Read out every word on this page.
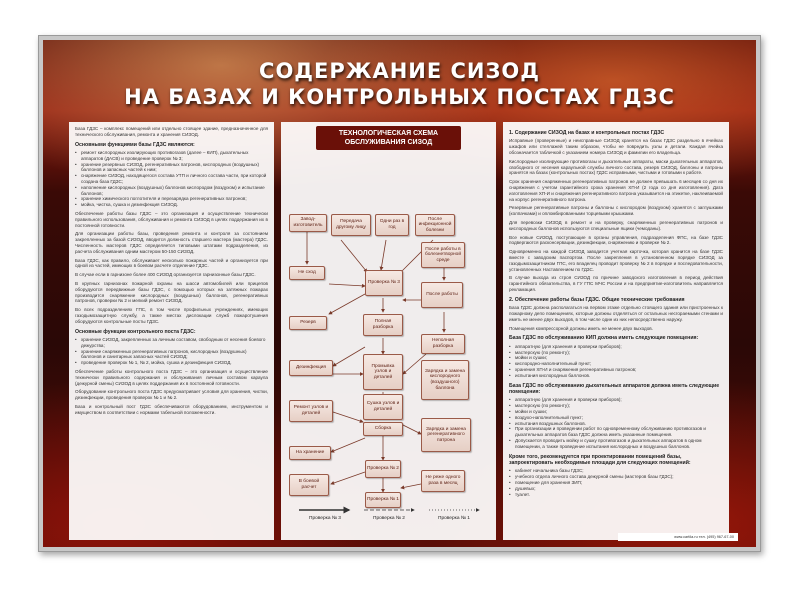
СОДЕРЖАНИЕ СИЗОД
НА БАЗАХ И КОНТРОЛЬНЫХ ПОСТАХ ГДЗС

База ГДЗС – комплекс помещений или отдельно стоящее здание, предназначенное для технического обслуживания, ремонта и хранения СИЗОД.

Основными функциями базы ГДЗС являются:
• ремонт кислородных изолирующих противогазов (далее – КИП), дыхательных аппаратов (ДАСВ) и проведение проверок № 3;
• хранение резервных СИЗОД, регенеративных патронов, кислородных (воздушных) баллонов и запасных частей к ним;
• снаряжение СИЗОД, находящегося состава УТП и личного состава части, при которой создана база ГДЗС;
• наполнение кислородных (воздушных) баллонов кислородом (воздухом) и испытание баллонов;
• хранение химического поглотителя и перезарядка регенеративных патронов;
• мойка, чистка, сушка и дезинфекция СИЗОД.

Обеспечение работы базы ГДЗС – это организация и осуществление технически правильного использования, обслуживания и ремонта СИЗОД в целях поддержания их в постоянной готовности.

Для организации работы базы, проведения ремонта и контроля за состоянием закрепленных за базой СИЗОД, вводится должность старшего мастера (мастера) ГДЗС. Численность мастеров ГДЗС определяется типовыми штатами подразделения, из расчета обслуживания одним мастером 50-150 СИЗОД.

База ГДЗС, как правило, обслуживает несколько пожарных частей и организуется при одной из частей, имеющих в боевом расчете отделение ГДЗС.

В случае если в гарнизоне более 400 СИЗОД организуется гарнизонные базы ГДЗС.

В крупных гарнизонах пожарной охраны на шасси автомобилей или прицепов оборудуются передвижные базы ГДЗС, с помощью которых на затяжных пожарах производится снаряжение кислородных (воздушных) баллонов, регенеративных патронов, проверки № 2 и мелкий ремонт СИЗОД.

Во всех подразделениях ГПС, в том числе профильных учреждениях, имеющих газодымозащитную службу, а также местах дислокации служб пожаротушения оборудуются контрольные посты ГДЗС.

Основные функции контрольного поста ГДЗС:
• хранение СИЗОД, закрепленных за личным составом, свободным от несения боевого дежурства;
• хранение снаряженных регенеративных патронов, кислородных (воздушных) баллонов и санитарных запасных частей СИЗОД;
• проведение проверок № 1, № 2, мойка, сушка и дезинфекция СИЗОД.

Обеспечение работы контрольного поста ГДЗС – это организация и осуществление технически правильного содержания и обслуживания личным составом караула (дежурной смены) СИЗОД в целях поддержания их в постоянной готовности.

Оборудование контрольного поста ГДЗС предусматривает условия для хранения, чистки, дезинфекции, проведения проверок № 1 и № 2.

База и контрольный пост ГДЗС обеспечиваются оборудованием, инструментом и имуществом в соответствии с нормами табельной положенности.

ТЕХНОЛОГИЧЕСКАЯ СХЕМА
ОБСЛУЖИВАНИЯ СИЗОД
Завод-изготовитель
Передача другому лицу
Одни раз в год
После инфекционной болезни
Не сход
Проверка № 3
После работы в болезнетворной среде
Резерв	Полная разборка
После работы
Неполная разборка
Дезинфекция	Промывка узлов и деталей
Зарядка и замена кислородного (воздушного) баллона
Ремонт узлов и деталей
Сушка узлов и деталей
Сборка	Зарядка и замена регенеративного патрона
На хранение
Проверка № 2
В боевой расчет
Проверка № 1
Не реже одного раза в месяц
Проверка № 3	Проверка № 2	Проверка № 1
1. Содержание СИЗОД на базах и контрольных постах ГДЗС

Исправные (проверенные) и неисправные СИЗОД хранятся на базах ГДЗС раздельно в ячейках шкафов или стеллажей таким образом, чтобы не повредить узлы и детали. Каждая ячейка обозначается табличкой с указанием номера СИЗОД и фамилии его владельца.

Кислородные изолирующие противогазы и дыхательные аппараты, маски дыхательных аппаратов, свободного от несения караульной службы личного состава, резерв СИЗОД, баллоны и патроны хранятся на базах (контрольных постах) ГДЗС исправными, чистыми и готовыми к работе.

Срок хранения снаряженных регенеративных патронов не должен превышать 6 месяцев со дня их снаряжения с учетом гарантийного срока хранения ХП-И (2 года со дня изготовления). Дата изготовления ХП-И и снаряжения регенеративного патрона указывается на этикетке, наклеиваемой на корпус регенеративного патрона.

Резервные регенеративные патроны и баллоны с кислородом (воздухом) хранятся с заглушками (колпачками) и опломбированными торцевыми крышками.

Для перевозки СИЗОД в ремонт и на проверку, снаряженных регенеративных патронов и кислородных баллонов используются специальные ящики (чемоданы).

Все новые СИЗОД, поступающие в органы управления, подразделения ФПС, на базе ГДЗС подвергаются расконсервации, дезинфекции, снаряжению и проверке № 2.

Одновременно на каждой СИЗОД заводится учетная карточка, которая хранится на базе ГДЗС вместе с заводским паспортом. После закрепления в установленном порядке СИЗОД за газодымозащитником ГПС, его владелец проводит проверку № 2 в порядке и последовательности, установленных Наставлением по ГДЗС.

В случае выхода из строя СИЗОД по причине заводского изготовления в период действия гарантийного обязательства, в ГУ ГПС МЧС России и на предприятие-изготовитель направляется рекламация.

2. Обеспечение работы базы ГДЗС. Общие технические требования

База ГДЗС должна располагаться на первом этаже отдельно стоящего здания или пристроенных к пожарному депо помещениях, которые должны отделяться от остальных несгораемыми стенами и иметь не менее двух выходов, в том числе один из них непосредственно наружу.

Помещения компрессорной должны иметь не менее двух выходов.

База ГДЗС по обслуживанию КИП должна иметь следующие помещения:
• аппаратную (для хранения и проверки приборов);
• мастерскую (по ремонту);
• мойки и сушки;
• кислородно-наполнительный пункт;
• хранения ХП-И и снаряжения регенеративных патронов;
• испытания кислородных баллонов.
База ГДЗС по обслуживанию дыхательных аппаратов должна иметь следующие помещения:
• аппаратную (для хранения и проверки приборов);
• мастерскую (по ремонту);
• мойки и сушки;
• воздухо-наполнительный пункт;
• испытания воздушных баллонов.
• При организации и проведении работ по одновременному обслуживанию противогазов и дыхательных аппаратов база ГДЗС должна иметь указанные помещения.
• Допускается проводить мойку и сушку противогазов и дыхательных аппаратов в одном помещении, а также проведение испытания кислородных и воздушных баллонов.
Кроме того, рекомендуется при проектировании помещений базы, запроектировать необходимые площади для следующих помещений:
• кабинет начальника базы ГДЗС;
• учебного отдела личного состава дежурной смены (мастеров базы ГДЗС);
• помещение для хранения ЗИП;
• душевых;
• туалет.
www.cartila.ru тел. (495) 967-67-00
